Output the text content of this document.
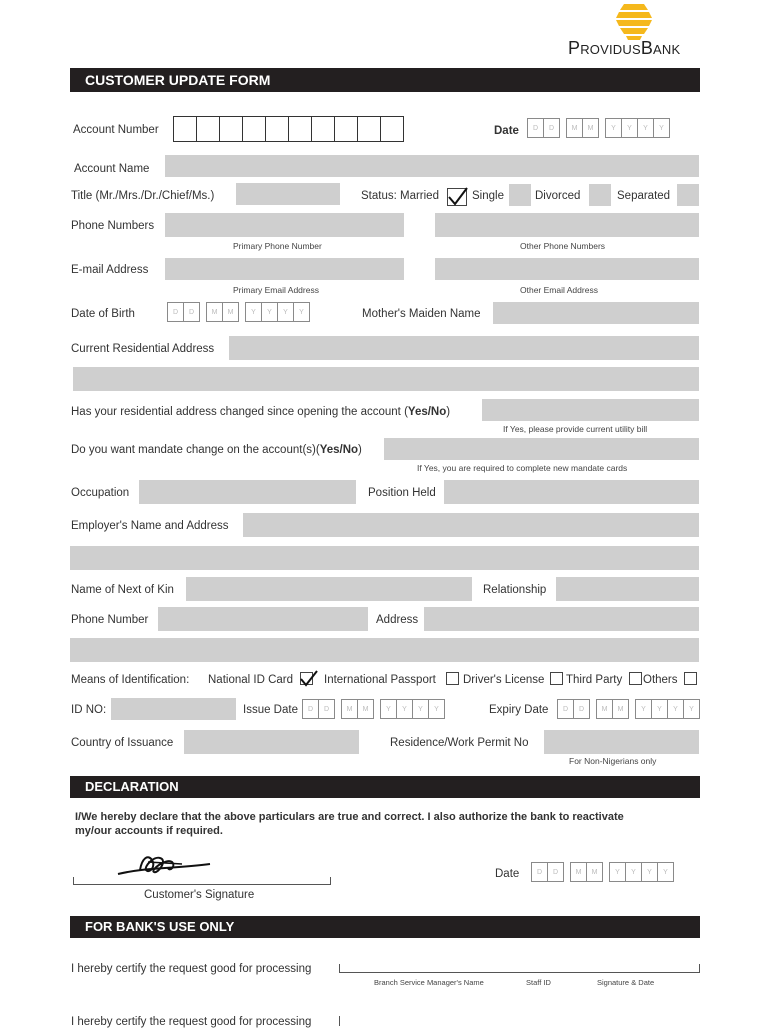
ProvidusBank
CUSTOMER UPDATE FORM
Account Number	Date	D	D	M	M	Y	Y	Y	Y
Account Name
Title (Mr./Mrs./Dr./Chief/Ms.)	Status: Married	Single	Divorced	Separated
Phone Numbers
Primary Phone Number	Other Phone Numbers
E-mail Address
Primary Email Address	Other Email Address
Date of Birth	D	D	M	M	Y	Y	Y	Y	Mother's Maiden Name
Current Residential Address
Has your residential address changed since opening the account (Yes/No)
If Yes, please provide current utility bill
Do you want mandate change on the account(s)(Yes/No)
If Yes, you are required to complete new mandate cards
Occupation	Position Held
Employer's Name and Address
Name of Next of Kin	Relationship
Phone Number	Address
Means of Identification: National ID Card	International Passport Driver's License Third Party Others
ID NO:	Issue Date	D	D	M	M	Y	Y	Y	Y	Expiry Date	D	D	M	M	Y	Y	Y	Y
Country of Issuance	Residence/Work Permit No
For Non-Nigerians only
DECLARATION
I/We hereby declare that the above particulars are true and correct. I also authorize the bank to reactivate
my/our accounts if required.
Customer's Signature
Date	D	D	M	M	Y	Y	Y	Y
FOR BANK'S USE ONLY
I hereby certify the request good for processing
Branch Service Manager's Name	Staff ID	Signature & Date
I hereby certify the request good for processing
